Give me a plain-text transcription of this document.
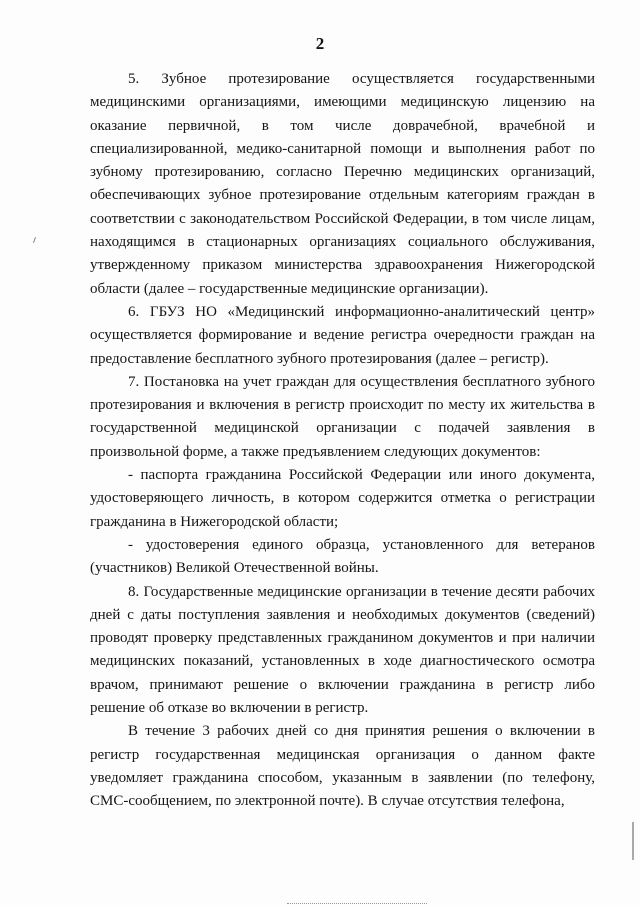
2

5. Зубное протезирование осуществляется государственными медицинскими организациями, имеющими медицинскую лицензию на оказание первичной, в том числе доврачебной, врачебной и специализированной, медико-санитарной помощи и выполнения работ по зубному протезированию, согласно Перечню медицинских организаций, обеспечивающих зубное протезирование отдельным категориям граждан в соответствии с законодательством Российской Федерации, в том числе лицам, находящимся в стационарных организациях социального обслуживания, утвержденному приказом министерства здравоохранения Нижегородской области (далее – государственные медицинские организации).

6. ГБУЗ НО «Медицинский информационно-аналитический центр» осуществляется формирование и ведение регистра очередности граждан на предоставление бесплатного зубного протезирования (далее – регистр).

7. Постановка на учет граждан для осуществления бесплатного зубного протезирования и включения в регистр происходит по месту их жительства в государственной медицинской организации с подачей заявления в произвольной форме, а также предъявлением следующих документов:

- паспорта гражданина Российской Федерации или иного документа, удостоверяющего личность, в котором содержится отметка о регистрации гражданина в Нижегородской области;

- удостоверения единого образца, установленного для ветеранов (участников) Великой Отечественной войны.

8. Государственные медицинские организации в течение десяти рабочих дней с даты поступления заявления и необходимых документов (сведений) проводят проверку представленных гражданином документов и при наличии медицинских показаний, установленных в ходе диагностического осмотра врачом, принимают решение о включении гражданина в регистр либо решение об отказе во включении в регистр.

В течение 3 рабочих дней со дня принятия решения о включении в регистр государственная медицинская организация о данном факте уведомляет гражданина способом, указанным в заявлении (по телефону, СМС-сообщением, по электронной почте). В случае отсутствия телефона,
